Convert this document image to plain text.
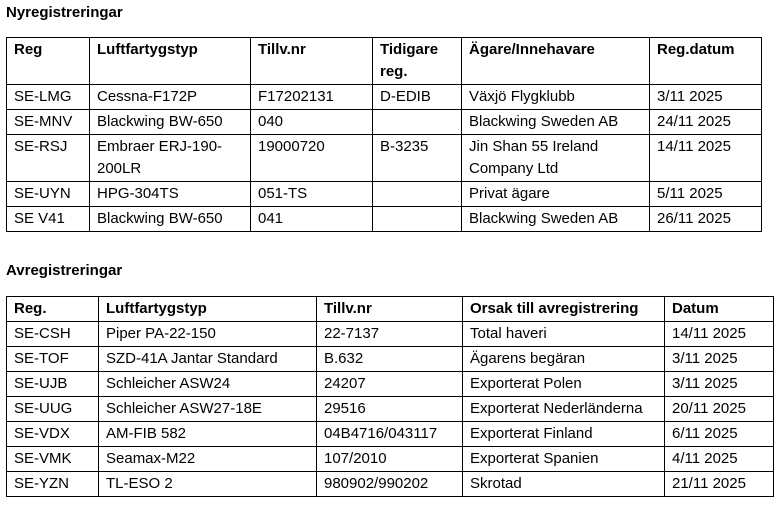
Nyregistreringar
Reg	Luftfartygstyp	Tillv.nr	Tidigare reg.	Ägare/Innehavare	Reg.datum
SE-LMG	Cessna-F172P	F17202131	D-EDIB	Växjö Flygklubb	3/11 2025
SE-MNV	Blackwing BW-650	040		Blackwing Sweden AB	24/11 2025
SE-RSJ	Embraer ERJ-190-200LR	19000720	B-3235	Jin Shan 55 Ireland Company Ltd	14/11 2025
SE-UYN	HPG-304TS	051-TS		Privat ägare	5/11 2025
SE V41	Blackwing BW-650	041		Blackwing Sweden AB	26/11 2025
Avregistreringar
Reg.	Luftfartygstyp	Tillv.nr	Orsak till avregistrering	Datum
SE-CSH	Piper PA-22-150	22-7137	Total haveri	14/11 2025
SE-TOF	SZD-41A Jantar Standard	B.632	Ägarens begäran	3/11 2025
SE-UJB	Schleicher ASW24	24207	Exporterat Polen	3/11 2025
SE-UUG	Schleicher ASW27-18E	29516	Exporterat Nederländerna	20/11 2025
SE-VDX	AM-FIB 582	04B4716/043117	Exporterat Finland	6/11 2025
SE-VMK	Seamax-M22	107/2010	Exporterat Spanien	4/11 2025
SE-YZN	TL-ESO 2	980902/990202	Skrotad	21/11 2025
